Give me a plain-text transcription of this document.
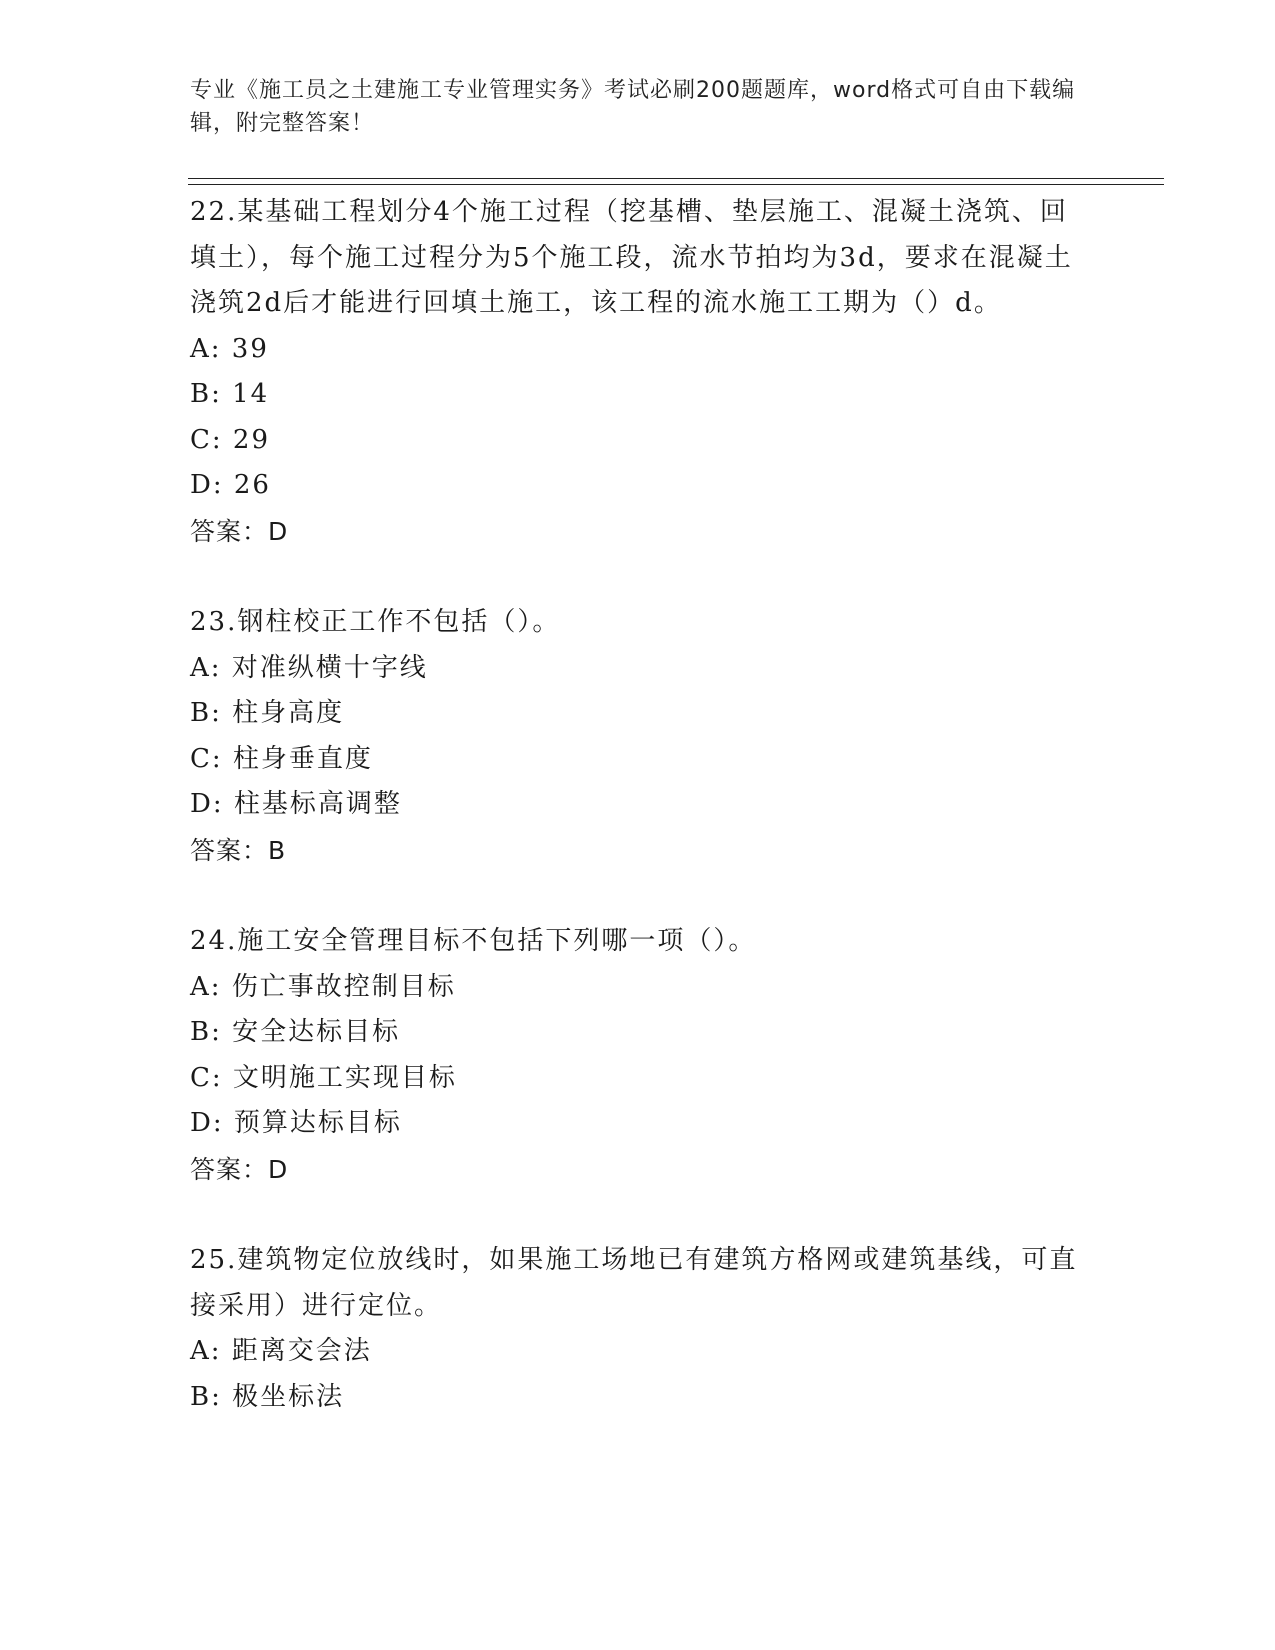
专业《施工员之土建施工专业管理实务》考试必刷200题题库，word格式可自由下载编辑，附完整答案！
22.某基础工程划分4个施工过程（挖基槽、垫层施工、混凝土浇筑、回填土），每个施工过程分为5个施工段，流水节拍均为3d，要求在混凝土浇筑2d后才能进行回填土施工，该工程的流水施工工期为（）d。
A: 39
B: 14
C: 29
D: 26
答案：D
23.钢柱校正工作不包括（）。
A: 对准纵横十字线
B: 柱身高度
C: 柱身垂直度
D: 柱基标高调整
答案：B
24.施工安全管理目标不包括下列哪一项（）。
A: 伤亡事故控制目标
B: 安全达标目标
C: 文明施工实现目标
D: 预算达标目标
答案：D
25.建筑物定位放线时，如果施工场地已有建筑方格网或建筑基线，可直接采用）进行定位。
A: 距离交会法
B: 极坐标法
